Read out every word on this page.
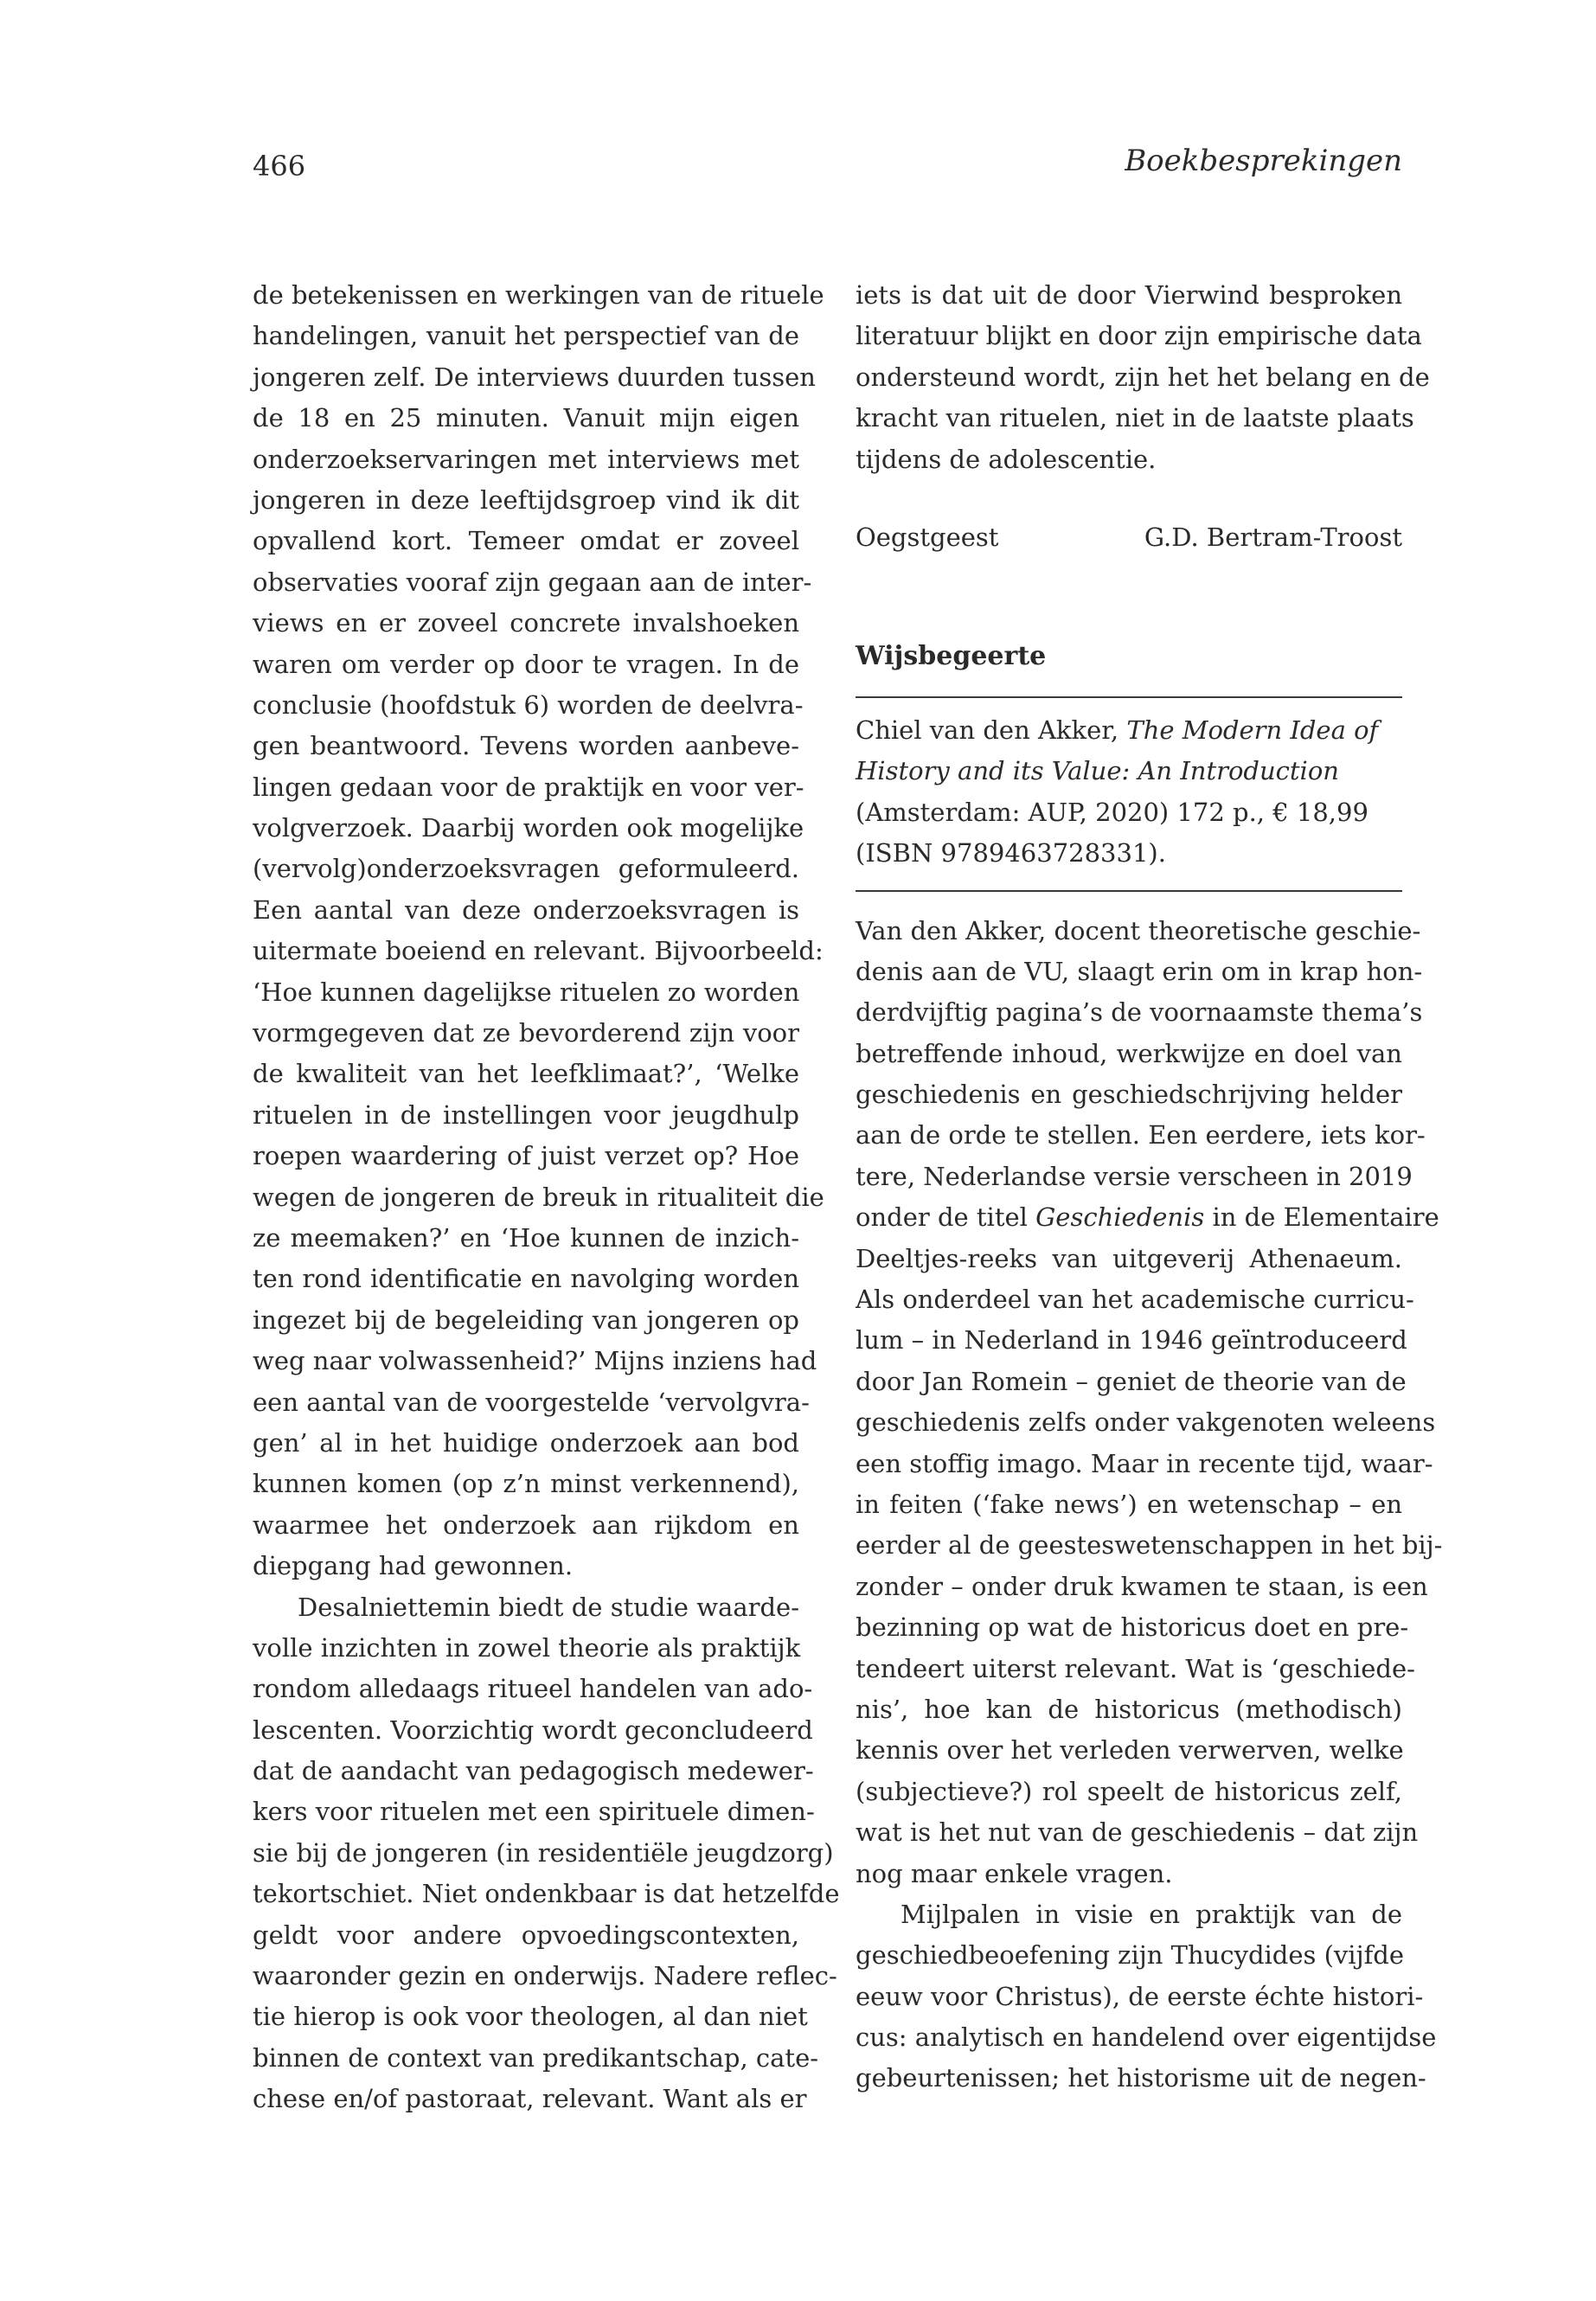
466	Boekbesprekingen

de betekenissen en werkingen van de rituele
handelingen, vanuit het perspectief van de
jongeren zelf. De interviews duurden tussen
de 18 en 25 minuten. Vanuit mijn eigen
onderzoekservaringen met interviews met
jongeren in deze leeftijdsgroep vind ik dit
opvallend kort. Temeer omdat er zoveel
observaties vooraf zijn gegaan aan de inter-
views en er zoveel concrete invalshoeken
waren om verder op door te vragen. In de
conclusie (hoofdstuk 6) worden de deelvra-
gen beantwoord. Tevens worden aanbeve-
lingen gedaan voor de praktijk en voor ver-
volgverzoek. Daarbij worden ook mogelijke
(vervolg)onderzoeksvragen geformuleerd.
Een aantal van deze onderzoeksvragen is
uitermate boeiend en relevant. Bijvoorbeeld:
‘Hoe kunnen dagelijkse rituelen zo worden
vormgegeven dat ze bevorderend zijn voor
de kwaliteit van het leefklimaat?’, ‘Welke
rituelen in de instellingen voor jeugdhulp
roepen waardering of juist verzet op? Hoe
wegen de jongeren de breuk in ritualiteit die
ze meemaken?’ en ‘Hoe kunnen de inzich-
ten rond identificatie en navolging worden
ingezet bij de begeleiding van jongeren op
weg naar volwassenheid?’ Mijns inziens had
een aantal van de voorgestelde ‘vervolgvra-
gen’ al in het huidige onderzoek aan bod
kunnen komen (op z’n minst verkennend),
waarmee het onderzoek aan rijkdom en
diepgang had gewonnen.

Desalniettemin biedt de studie waarde-
volle inzichten in zowel theorie als praktijk
rondom alledaags ritueel handelen van ado-
lescenten. Voorzichtig wordt geconcludeerd
dat de aandacht van pedagogisch medewer-
kers voor rituelen met een spirituele dimen-
sie bij de jongeren (in residentiële jeugdzorg)
tekortschiet. Niet ondenkbaar is dat hetzelfde
geldt voor andere opvoedingscontexten,
waaronder gezin en onderwijs. Nadere reflec-
tie hierop is ook voor theologen, al dan niet
binnen de context van predikantschap, cate-
chese en/of pastoraat, relevant. Want als er

iets is dat uit de door Vierwind besproken
literatuur blijkt en door zijn empirische data
ondersteund wordt, zijn het het belang en de
kracht van rituelen, niet in de laatste plaats
tijdens de adolescentie.

Oegstgeest	G.D. Bertram-Troost
Wijsbegeerte
Chiel van den Akker, The Modern Idea of
History and its Value: An Introduction
(Amsterdam: AUP, 2020) 172 p., € 18,99
(ISBN 9789463728331).

Van den Akker, docent theoretische geschie-
denis aan de VU, slaagt erin om in krap hon-
derdvijftig pagina’s de voornaamste thema’s
betreffende inhoud, werkwijze en doel van
geschiedenis en geschiedschrijving helder
aan de orde te stellen. Een eerdere, iets kor-
tere, Nederlandse versie verscheen in 2019
onder de titel Geschiedenis in de Elementaire
Deeltjes-reeks van uitgeverij Athenaeum.
Als onderdeel van het academische curricu-
lum – in Nederland in 1946 geïntroduceerd
door Jan Romein – geniet de theorie van de
geschiedenis zelfs onder vakgenoten weleens
een stoffig imago. Maar in recente tijd, waar-
in feiten (‘fake news’) en wetenschap – en
eerder al de geesteswetenschappen in het bij-
zonder – onder druk kwamen te staan, is een
bezinning op wat de historicus doet en pre-
tendeert uiterst relevant. Wat is ‘geschiede-
nis’, hoe kan de historicus (methodisch)
kennis over het verleden verwerven, welke
(subjectieve?) rol speelt de historicus zelf,
wat is het nut van de geschiedenis – dat zijn
nog maar enkele vragen.

Mijlpalen in visie en praktijk van de
geschiedbeoefening zijn Thucydides (vijfde
eeuw voor Christus), de eerste échte histori-
cus: analytisch en handelend over eigentijdse
gebeurtenissen; het historisme uit de negen-
